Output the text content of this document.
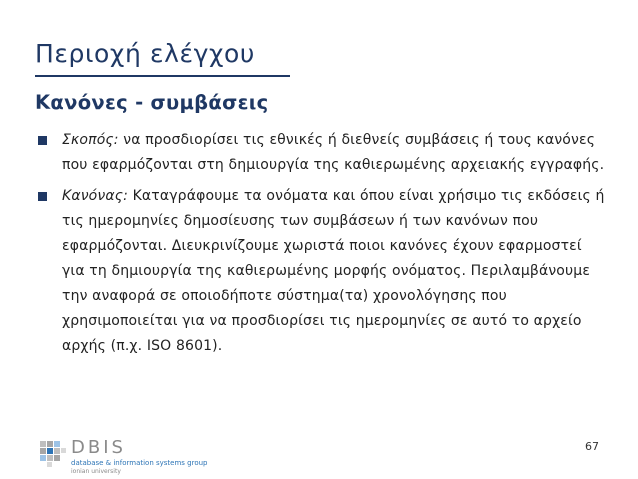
Περιοχή ελέγχου
Κανόνες - συμβάσεις
Σκοπός: να προσδιορίσει τις εθνικές ή διεθνείς συμβάσεις ή τους κανόνες που εφαρμόζονται στη δημιουργία της καθιερωμένης αρχειακής εγγραφής.
Κανόνας: Καταγράφουμε τα ονόματα και όπου είναι χρήσιμο τις εκδόσεις ή τις ημερομηνίες δημοσίευσης των συμβάσεων ή των κανόνων που εφαρμόζονται. Διευκρινίζουμε χωριστά ποιοι κανόνες έχουν εφαρμοστεί για τη δημιουργία της καθιερωμένης μορφής ονόματος. Περιλαμβάνουμε την αναφορά σε οποιοδήποτε σύστημα(τα) χρονολόγησης που χρησιμοποιείται για να προσδιορίσει τις ημερομηνίες σε αυτό το αρχείο αρχής (π.χ. ISO 8601).
DBIS
database & information systems group
ionian university
67
